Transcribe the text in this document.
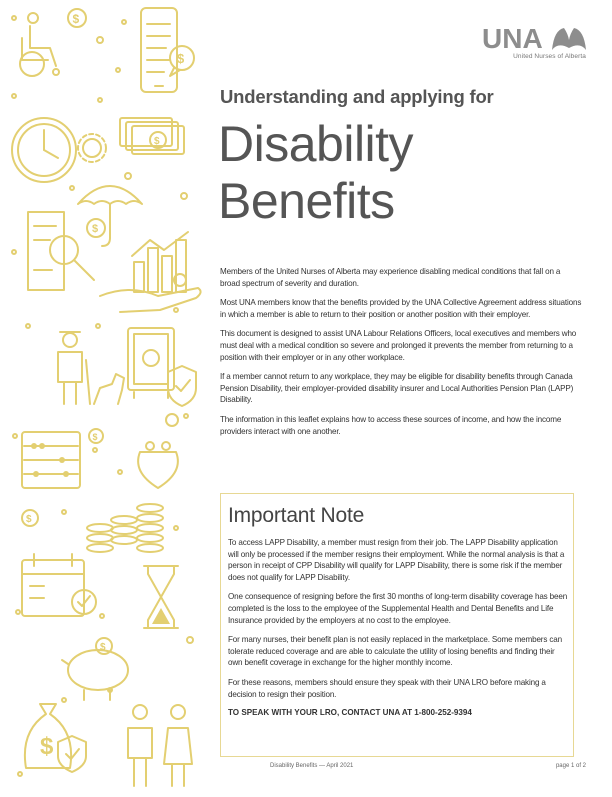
$
$
$
$
$
$
$
$
UNA
United Nurses of Alberta
Understanding and applying for
Disability
Benefits

Members of the United Nurses of Alberta may experience disabling medical conditions that fall on a broad spectrum of severity and duration.

Most UNA members know that the benefits provided by the UNA Collective Agreement address situations in which a member is able to return to their position or another position with their employer.

This document is designed to assist UNA Labour Relations Officers, local executives and members who must deal with a medical condition so severe and prolonged it prevents the member from returning to a position with their employer or in any other workplace.

If a member cannot return to any workplace, they may be eligible for disability benefits through Canada Pension Disability, their employer-provided disability insurer and Local Authorities Pension Plan (LAPP) Disability.

The information in this leaflet explains how to access these sources of income, and how the income providers interact with one another.

Important Note

To access LAPP Disability, a member must resign from their job. The LAPP Disability application will only be processed if the member resigns their employment. While the normal analysis is that a person in receipt of CPP Disability will qualify for LAPP Disability, there is some risk if the member does not qualify for LAPP Disability.

One consequence of resigning before the first 30 months of long-term disability coverage has been completed is the loss to the employee of the Supplemental Health and Dental Benefits and Life Insurance provided by the employers at no cost to the employee.

For many nurses, their benefit plan is not easily replaced in the marketplace. Some members can tolerate reduced coverage and are able to calculate the utility of losing benefits and finding their own benefit coverage in exchange for the higher monthly income.

For these reasons, members should ensure they speak with their UNA LRO before making a decision to resign their position.

TO SPEAK WITH YOUR LRO, CONTACT UNA AT 1-800-252-9394
Disability Benefits — April 2021	page 1 of 2
